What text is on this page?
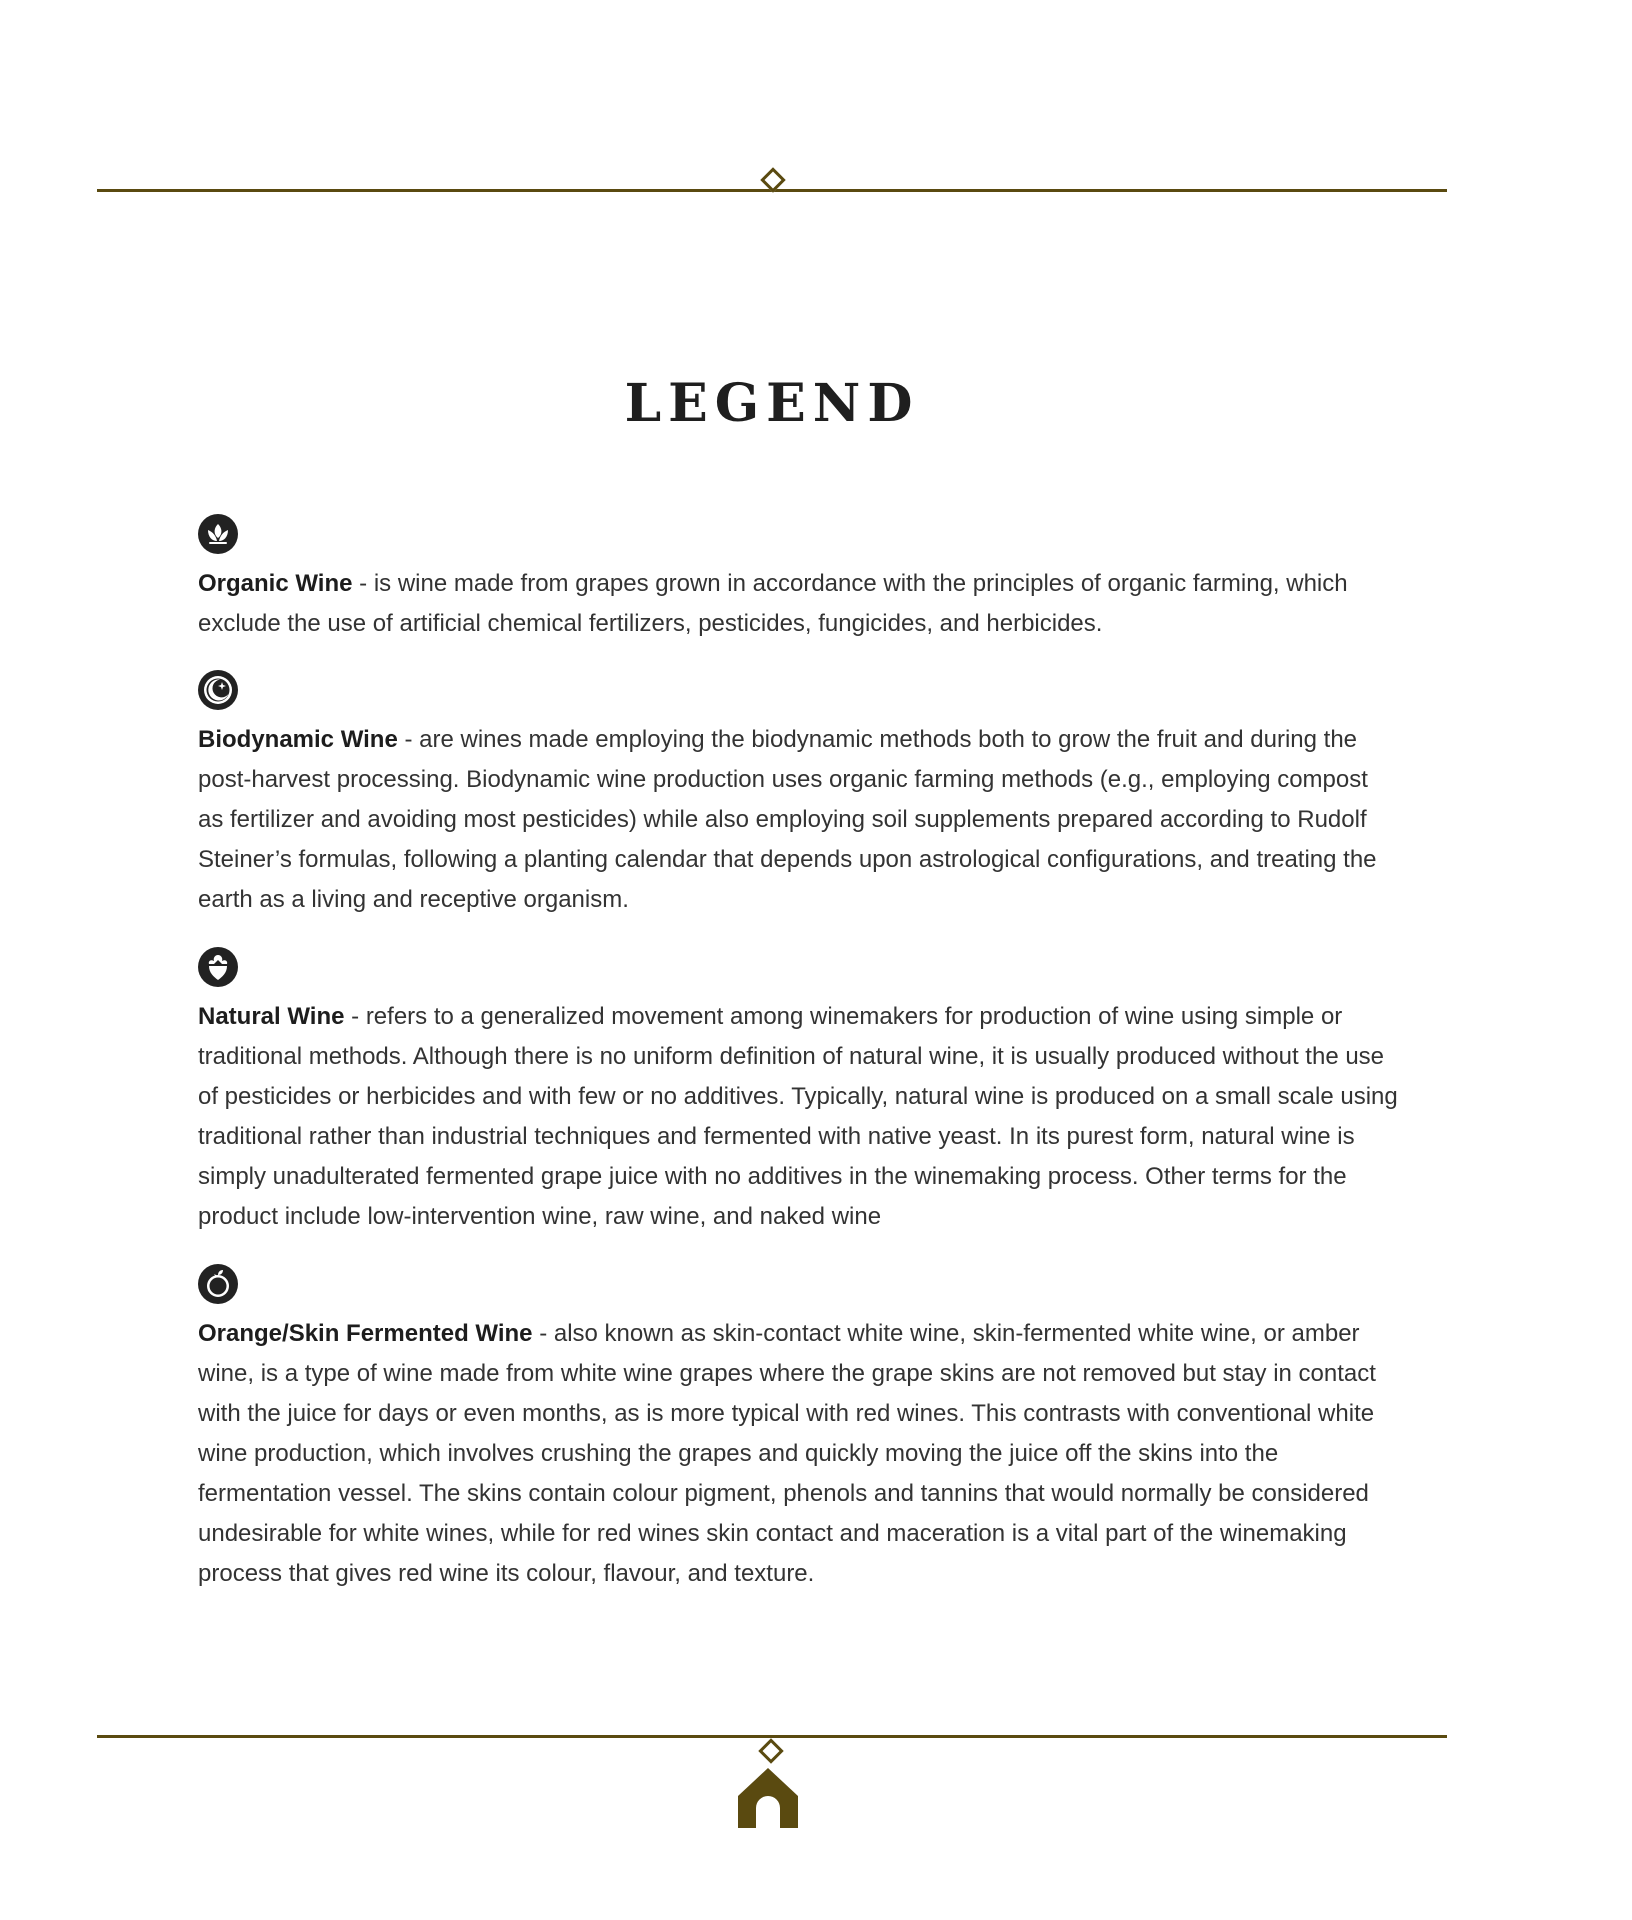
LEGEND

Organic Wine - is wine made from grapes grown in accordance with the principles of organic farming, which exclude the use of artificial chemical fertilizers, pesticides, fungicides, and herbicides.

Biodynamic Wine - are wines made employing the biodynamic methods both to grow the fruit and during the post-harvest processing. Biodynamic wine production uses organic farming methods (e.g., employing compost as fertilizer and avoiding most pesticides) while also employing soil supplements prepared according to Rudolf Steiner’s formulas, following a planting calendar that depends upon astrological configurations, and treating the earth as a living and receptive organism.

Natural Wine - refers to a generalized movement among winemakers for production of wine using simple or traditional methods. Although there is no uniform definition of natural wine, it is usually produced without the use of pesticides or herbicides and with few or no additives. Typically, natural wine is produced on a small scale using traditional rather than industrial techniques and fermented with native yeast. In its purest form, natural wine is simply unadulterated fermented grape juice with no additives in the winemaking process. Other terms for the product include low-intervention wine, raw wine, and naked wine

Orange/Skin Fermented Wine - also known as skin-contact white wine, skin-fermented white wine, or amber wine, is a type of wine made from white wine grapes where the grape skins are not removed but stay in contact with the juice for days or even months, as is more typical with red wines. This contrasts with conventional white wine production, which involves crushing the grapes and quickly moving the juice off the skins into the fermentation vessel. The skins contain colour pigment, phenols and tannins that would normally be considered undesirable for white wines, while for red wines skin contact and maceration is a vital part of the winemaking process that gives red wine its colour, flavour, and texture.
